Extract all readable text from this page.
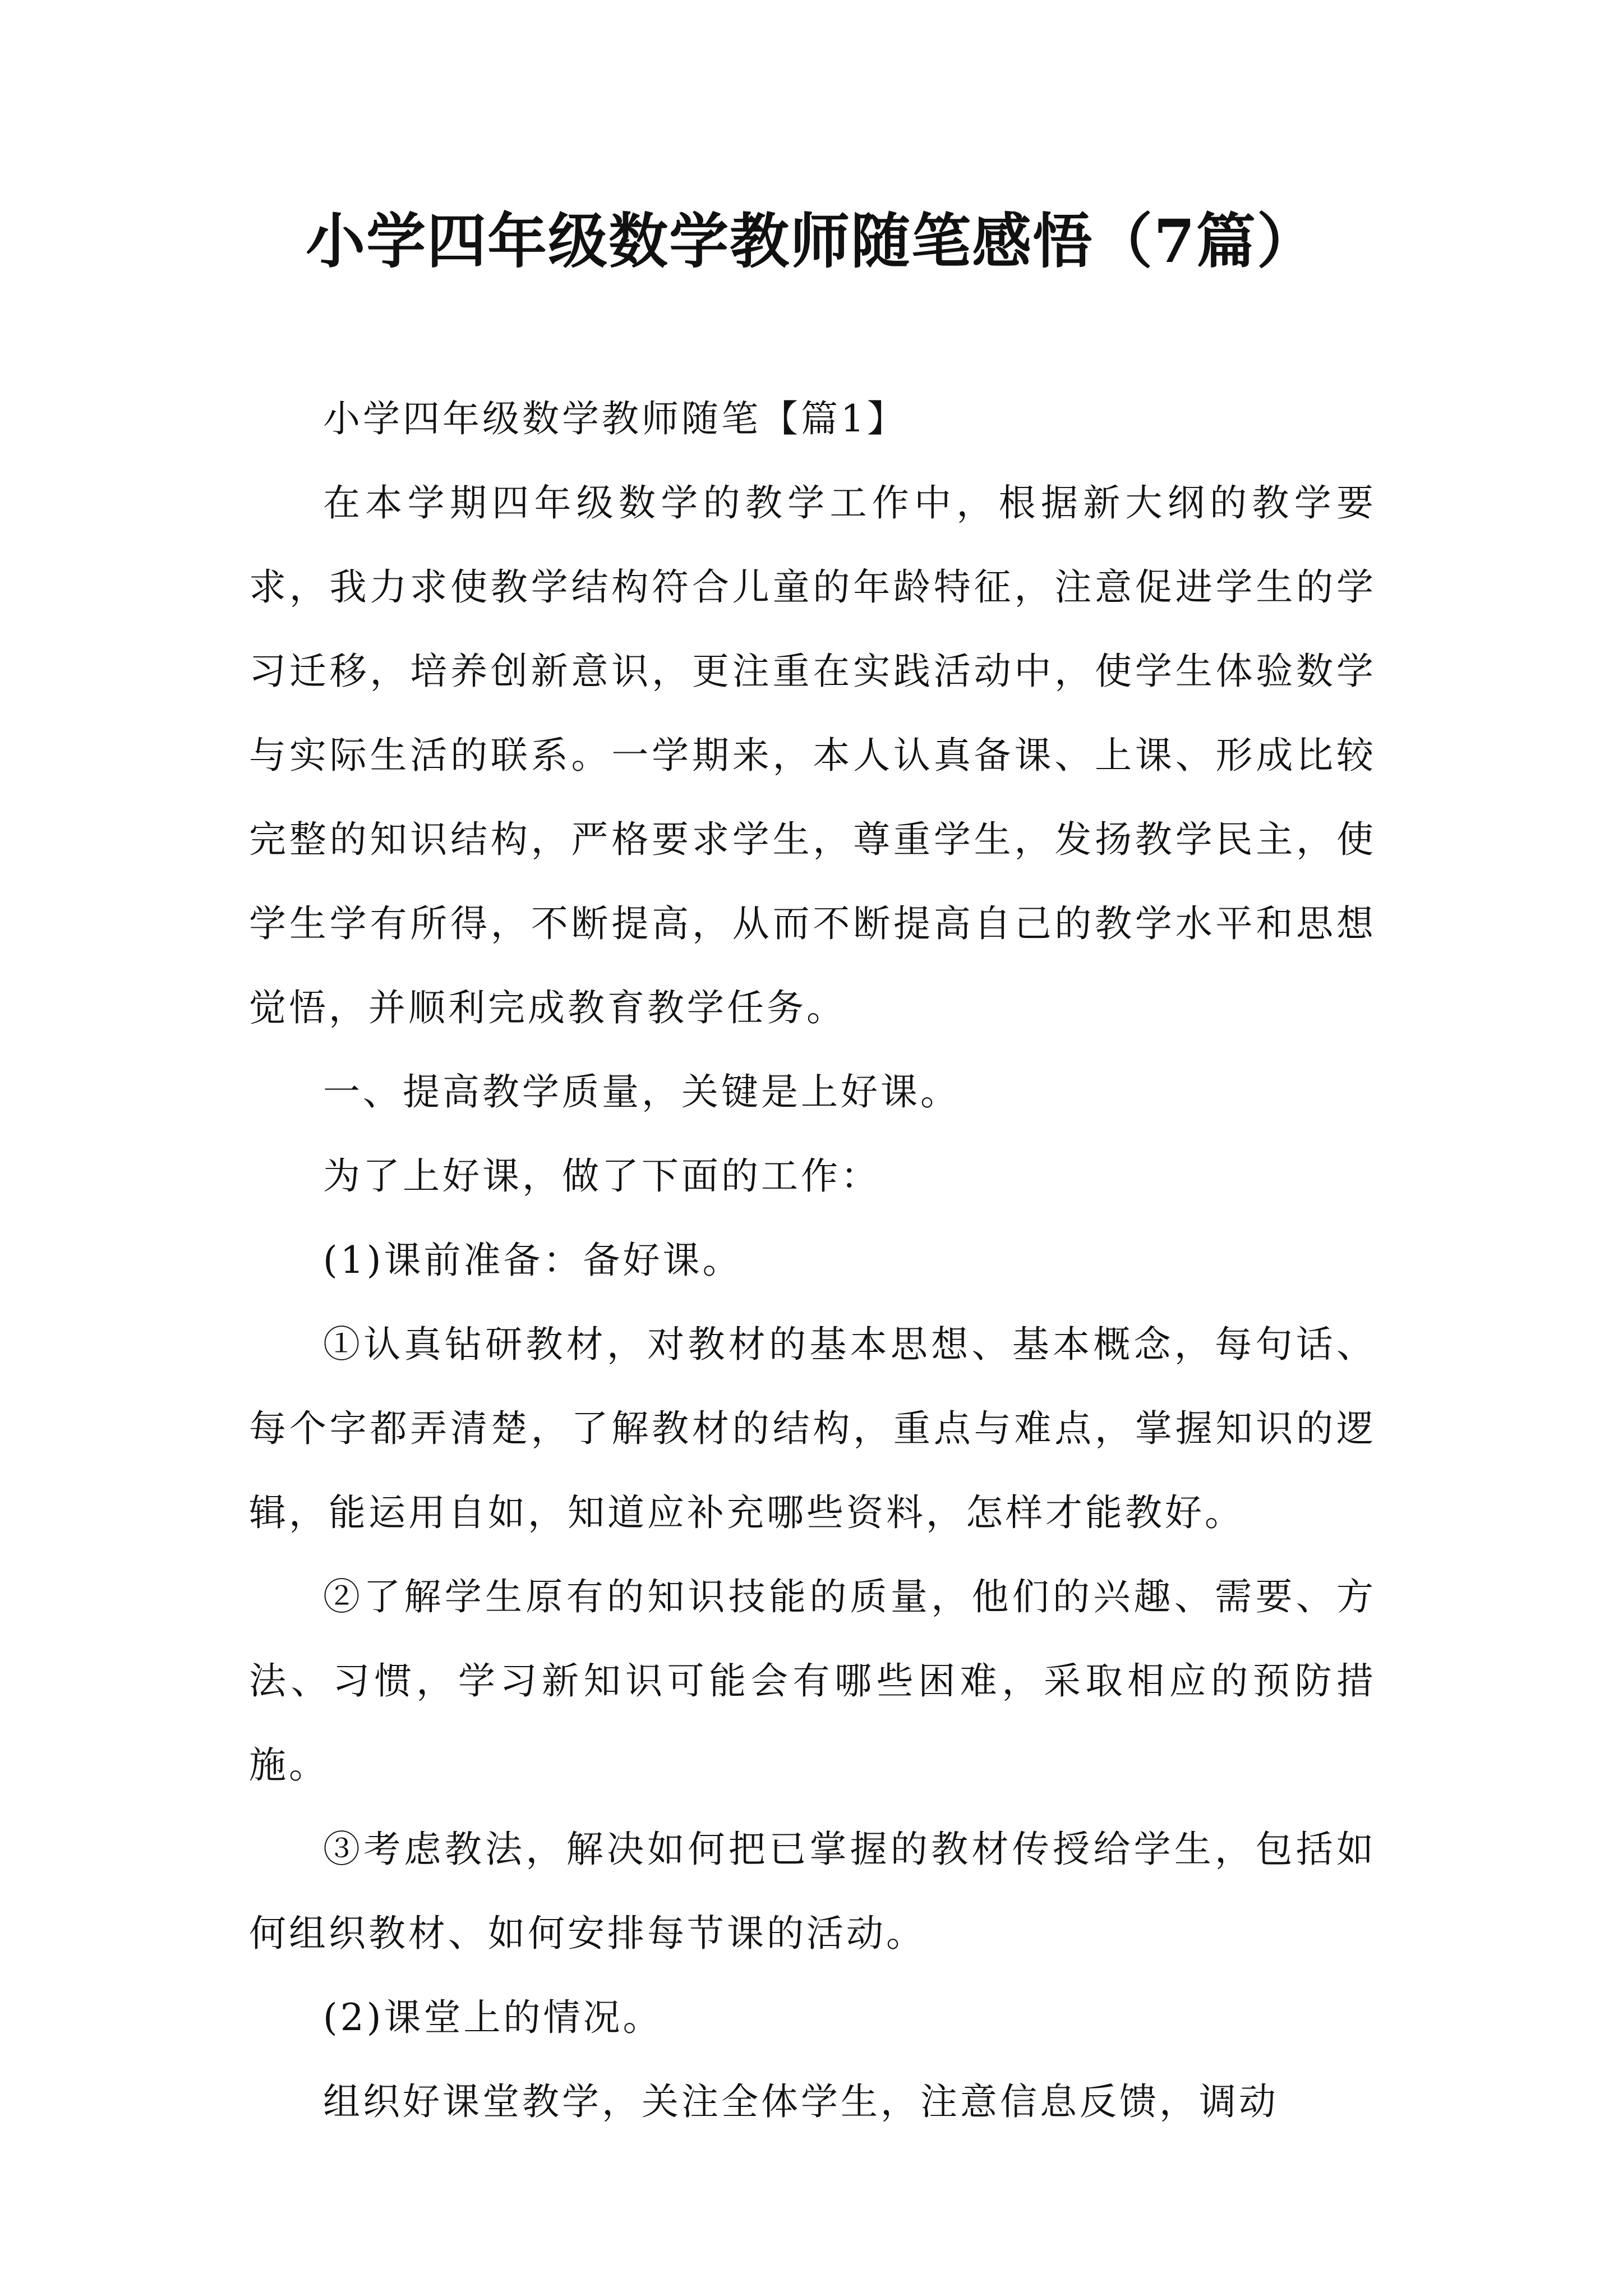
小学四年级数学教师随笔感悟（7篇）

小学四年级数学教师随笔【篇1】

在本学期四年级数学的教学工作中，根据新大纲的教学要求，我力求使教学结构符合儿童的年龄特征，注意促进学生的学习迁移，培养创新意识，更注重在实践活动中，使学生体验数学与实际生活的联系。一学期来，本人认真备课、上课、形成比较完整的知识结构，严格要求学生，尊重学生，发扬教学民主，使学生学有所得，不断提高，从而不断提高自己的教学水平和思想觉悟，并顺利完成教育教学任务。

一、提高教学质量，关键是上好课。

为了上好课，做了下面的工作：

(1)课前准备：备好课。

①认真钻研教材，对教材的基本思想、基本概念，每句话、每个字都弄清楚，了解教材的结构，重点与难点，掌握知识的逻辑，能运用自如，知道应补充哪些资料，怎样才能教好。

②了解学生原有的知识技能的质量，他们的兴趣、需要、方法、习惯，学习新知识可能会有哪些困难，采取相应的预防措施。

③考虑教法，解决如何把已掌握的教材传授给学生，包括如何组织教材、如何安排每节课的活动。

(2)课堂上的情况。

组织好课堂教学，关注全体学生，注意信息反馈，调动
